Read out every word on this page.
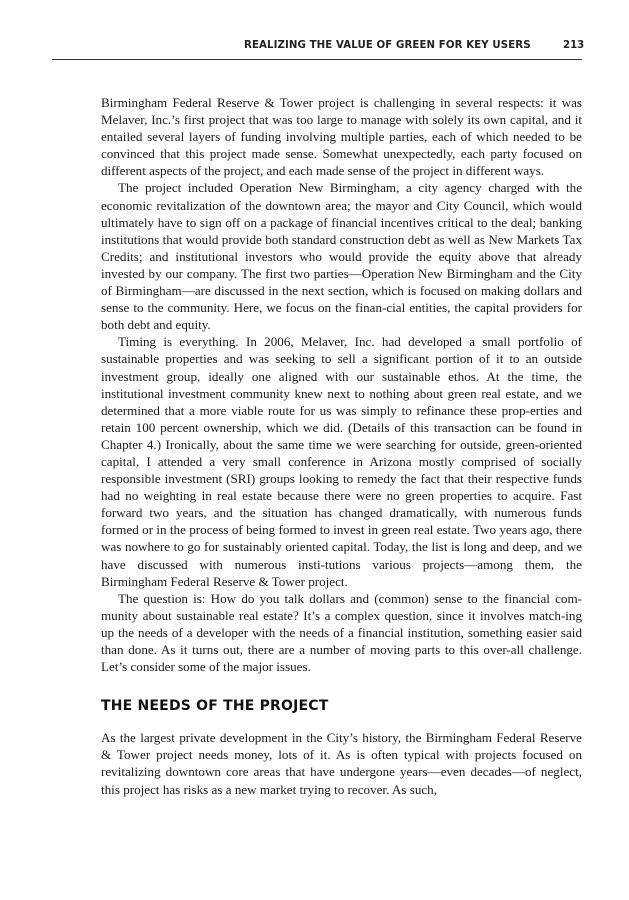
REALIZING THE VALUE OF GREEN FOR KEY USERS	213

Birmingham Federal Reserve & Tower project is challenging in several respects: it was Melaver, Inc.’s first project that was too large to manage with solely its own capital, and it entailed several layers of funding involving multiple parties, each of which needed to be convinced that this project made sense. Somewhat unexpectedly, each party focused on different aspects of the project, and each made sense of the project in different ways.

The project included Operation New Birmingham, a city agency charged with the economic revitalization of the downtown area; the mayor and City Council, which would ultimately have to sign off on a package of financial incentives critical to the deal; banking institutions that would provide both standard construction debt as well as New Markets Tax Credits; and institutional investors who would provide the equity above that already invested by our company. The first two parties—Operation New Birmingham and the City of Birmingham—are discussed in the next section, which is focused on making dollars and sense to the community. Here, we focus on the finan-cial entities, the capital providers for both debt and equity.

Timing is everything. In 2006, Melaver, Inc. had developed a small portfolio of sustainable properties and was seeking to sell a significant portion of it to an outside investment group, ideally one aligned with our sustainable ethos. At the time, the institutional investment community knew next to nothing about green real estate, and we determined that a more viable route for us was simply to refinance these prop-erties and retain 100 percent ownership, which we did. (Details of this transaction can be found in Chapter 4.) Ironically, about the same time we were searching for outside, green-oriented capital, I attended a very small conference in Arizona mostly comprised of socially responsible investment (SRI) groups looking to remedy the fact that their respective funds had no weighting in real estate because there were no green properties to acquire. Fast forward two years, and the situation has changed dramatically, with numerous funds formed or in the process of being formed to invest in green real estate. Two years ago, there was nowhere to go for sustainably oriented capital. Today, the list is long and deep, and we have discussed with numerous insti-tutions various projects—among them, the Birmingham Federal Reserve & Tower project.

The question is: How do you talk dollars and (common) sense to the financial com-munity about sustainable real estate? It’s a complex question, since it involves match-ing up the needs of a developer with the needs of a financial institution, something easier said than done. As it turns out, there are a number of moving parts to this over-all challenge. Let’s consider some of the major issues.

THE NEEDS OF THE PROJECT

As the largest private development in the City’s history, the Birmingham Federal Reserve & Tower project needs money, lots of it. As is often typical with projects focused on revitalizing downtown core areas that have undergone years—even decades—of neglect, this project has risks as a new market trying to recover. As such,
